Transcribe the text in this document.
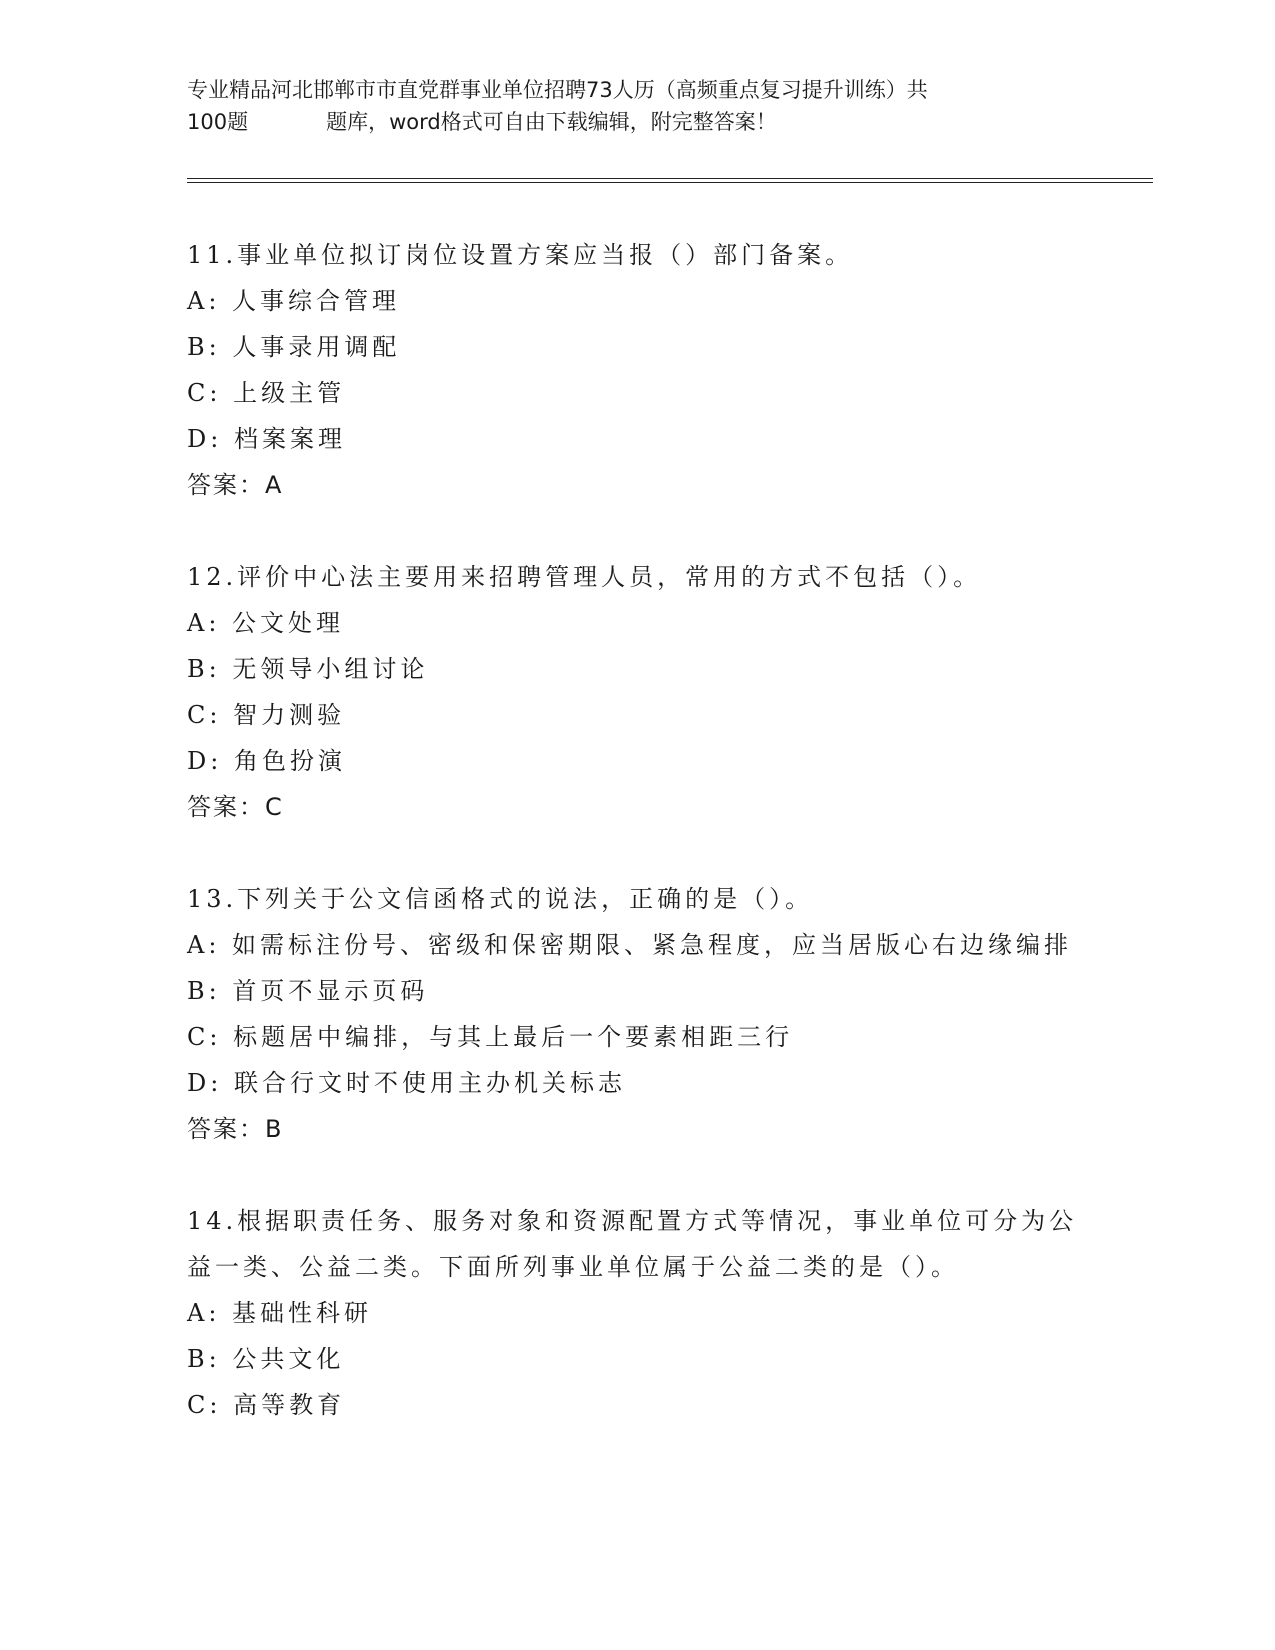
专业精品河北邯郸市市直党群事业单位招聘73人历（高频重点复习提升训练）共
100题	题库，word格式可自由下载编辑，附完整答案！
11.事业单位拟订岗位设置方案应当报（）部门备案。
A: 人事综合管理
B: 人事录用调配
C: 上级主管
D: 档案案理
答案：A
12.评价中心法主要用来招聘管理人员，常用的方式不包括（）。
A: 公文处理
B: 无领导小组讨论
C: 智力测验
D: 角色扮演
答案：C
13.下列关于公文信函格式的说法，正确的是（）。
A: 如需标注份号、密级和保密期限、紧急程度，应当居版心右边缘编排
B: 首页不显示页码
C: 标题居中编排，与其上最后一个要素相距三行
D: 联合行文时不使用主办机关标志
答案：B
14.根据职责任务、服务对象和资源配置方式等情况，事业单位可分为公益一类、公益二类。下面所列事业单位属于公益二类的是（）。
A: 基础性科研
B: 公共文化
C: 高等教育
